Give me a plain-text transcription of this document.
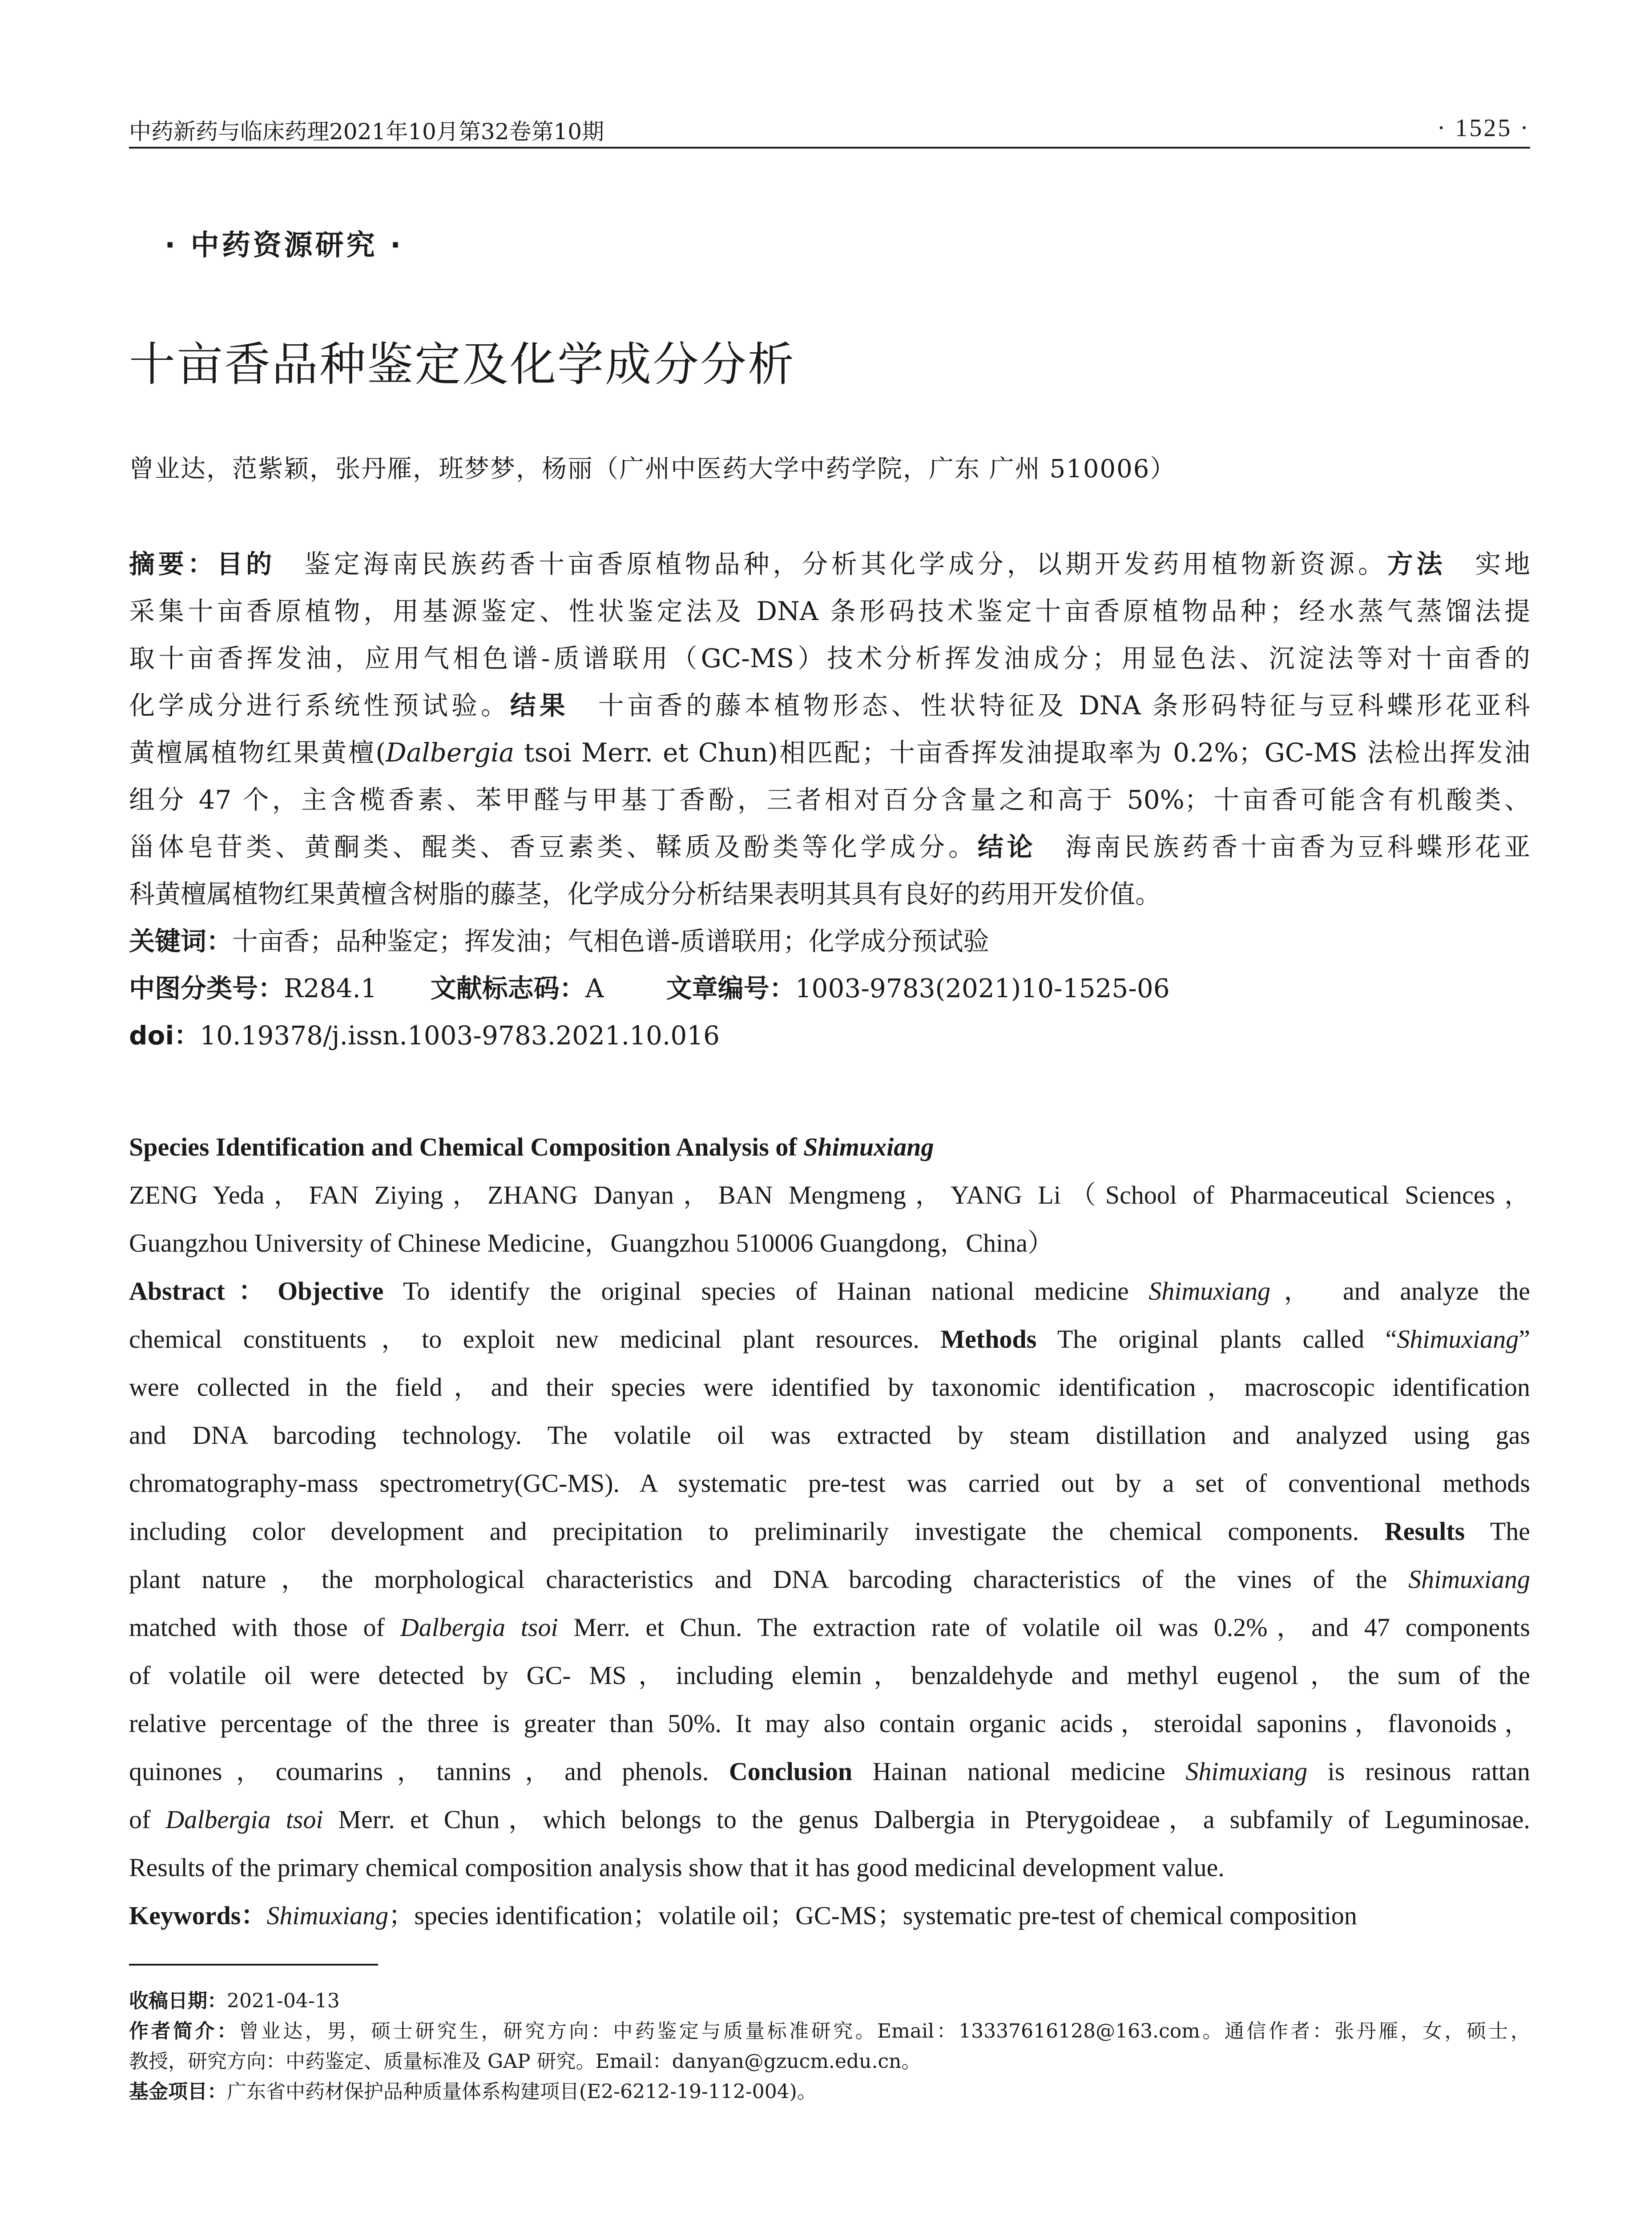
中药新药与临床药理2021年10月第32卷第10期	· 1525 ·
· 中药资源研究 ·
十亩香品种鉴定及化学成分分析
曾业达，范紫颖，张丹雁，班梦梦，杨丽（广州中医药大学中药学院，广东 广州 510006）

摘要：目的　鉴定海南民族药香十亩香原植物品种，分析其化学成分，以期开发药用植物新资源。方法　实地

采集十亩香原植物，用基源鉴定、性状鉴定法及 DNA 条形码技术鉴定十亩香原植物品种；经水蒸气蒸馏法提

取十亩香挥发油，应用气相色谱-质谱联用（GC-MS）技术分析挥发油成分；用显色法、沉淀法等对十亩香的

化学成分进行系统性预试验。结果　十亩香的藤本植物形态、性状特征及 DNA 条形码特征与豆科蝶形花亚科

黄檀属植物红果黄檀(Dalbergia tsoi Merr. et Chun)相匹配；十亩香挥发油提取率为 0.2%；GC-MS 法检出挥发油

组分 47 个，主含榄香素、苯甲醛与甲基丁香酚，三者相对百分含量之和高于 50%；十亩香可能含有机酸类、

甾体皂苷类、黄酮类、醌类、香豆素类、鞣质及酚类等化学成分。结论　海南民族药香十亩香为豆科蝶形花亚

科黄檀属植物红果黄檀含树脂的藤茎，化学成分分析结果表明其具有良好的药用开发价值。

关键词：十亩香；品种鉴定；挥发油；气相色谱-质谱联用；化学成分预试验

中图分类号：R284.1 文献标志码：A 文章编号：1003-9783(2021)10-1525-06

doi：10.19378/j.issn.1003-9783.2021.10.016

Species Identification and Chemical Composition Analysis of Shimuxiang

ZENG Yeda，FAN Ziying，ZHANG Danyan，BAN Mengmeng，YANG Li（School of Pharmaceutical Sciences，

Guangzhou University of Chinese Medicine，Guangzhou 510006 Guangdong，China）

Abstract：Objective To identify the original species of Hainan national medicine Shimuxiang， and analyze the

chemical constituents，to exploit new medicinal plant resources. Methods The original plants called “Shimuxiang”

were collected in the field，and their species were identified by taxonomic identification，macroscopic identification

and DNA barcoding technology. The volatile oil was extracted by steam distillation and analyzed using gas

chromatography-mass spectrometry(GC-MS). A systematic pre-test was carried out by a set of conventional methods

including color development and precipitation to preliminarily investigate the chemical components. Results The

plant nature，the morphological characteristics and DNA barcoding characteristics of the vines of the Shimuxiang

matched with those of Dalbergia tsoi Merr. et Chun. The extraction rate of volatile oil was 0.2%，and 47 components

of volatile oil were detected by GC- MS，including elemin，benzaldehyde and methyl eugenol，the sum of the

relative percentage of the three is greater than 50%. It may also contain organic acids，steroidal saponins，flavonoids，

quinones，coumarins，tannins，and phenols. Conclusion Hainan national medicine Shimuxiang is resinous rattan

of Dalbergia tsoi Merr. et Chun，which belongs to the genus Dalbergia in Pterygoideae，a subfamily of Leguminosae.

Results of the primary chemical composition analysis show that it has good medicinal development value.

Keywords：Shimuxiang；species identification；volatile oil；GC-MS；systematic pre-test of chemical composition

收稿日期：2021-04-13

作者简介：曾业达，男，硕士研究生，研究方向：中药鉴定与质量标准研究。Email：13337616128@163.com。通信作者：张丹雁，女，硕士，

教授，研究方向：中药鉴定、质量标准及 GAP 研究。Email：danyan@gzucm.edu.cn。

基金项目：广东省中药材保护品种质量体系构建项目(E2-6212-19-112-004)。
